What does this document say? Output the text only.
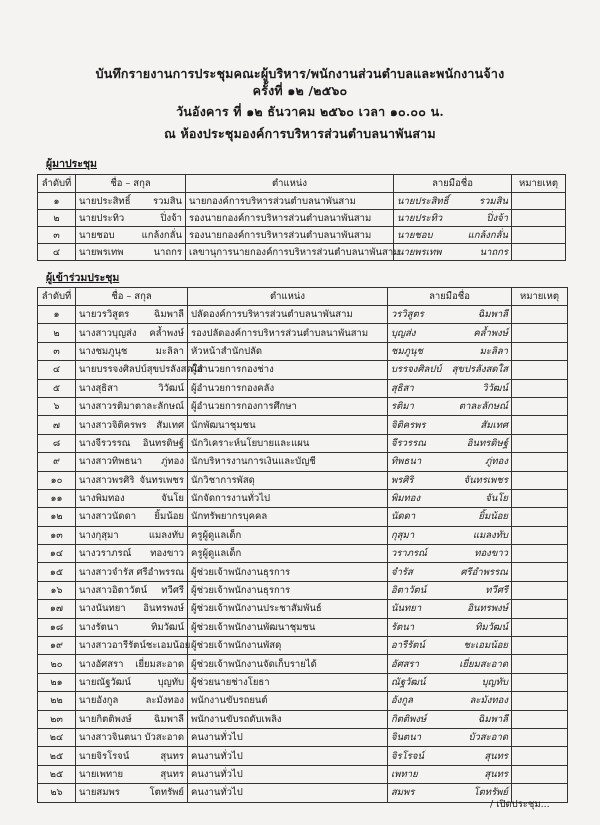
บันทึกรายงานการประชุมคณะผู้บริหาร/พนักงานส่วนตำบลและพนักงานจ้าง
ครั้งที่ ๑๒ /๒๕๖๐
วันอังคาร ที่ ๑๒ ธันวาคม ๒๕๖๐ เวลา ๑๐.๐๐ น.
ณ ห้องประชุมองค์การบริหารส่วนตำบลนาพันสาม
ผู้มาประชุม
ลำดับที่	ชื่อ – สกุล	ตำแหน่ง	ลายมือชื่อ	หมายเหตุ
๑	นายประสิทธิ์ รวมสิน	นายกองค์การบริหารส่วนตำบลนาพันสาม	นายประสิทธิ์ รวมสิน	

๒	นายประทิว ปิ่งจ้า	รองนายกองค์การบริหารส่วนตำบลนาพันสาม	นายประทิว ปิ่งจ้า	

๓	นายชอบ แกล้งกลั่น	รองนายกองค์การบริหารส่วนตำบลนาพันสาม	นายชอบ แกล้งกลั่น	

๔	นายพรเทพ นาถกร	เลขานุการนายกองค์การบริหารส่วนตำบลนาพันสาม	นายพรเทพ นาถกร	

ผู้เข้าร่วมประชุม
ลำดับที่	ชื่อ – สกุล	ตำแหน่ง	ลายมือชื่อ	หมายเหตุ
๑	นายวรวิสูตร ฉิมพาลี	ปลัดองค์การบริหารส่วนตำบลนาพันสาม	วรวิสูตร ฉิมพาลี	

๒	นางสาวบุญส่ง คล้ำพงษ์	รองปลัดองค์การบริหารส่วนตำบลนาพันสาม	บุญส่ง คล้ำพงษ์	

๓	นางชมภูนุช มะลิลา	หัวหน้าสำนักปลัด	ชมภูนุช มะลิลา	

๔	นายบรรจงศิลปบ์ สุขปรลังสดใส	ผู้อำนวยการกองช่าง	บรรจงศิลปบ์ สุขปรลังสดใส	

๕	นางสุธิสา วิวัฒน์	ผู้อำนวยการกองคลัง	สุธิสา วิวัฒน์	

๖	นางสาวรติมา ตาละลักษณ์	ผู้อำนวยการกองการศึกษา	รติมา ตาละลักษณ์	

๗	นางสาวจิติครพร สัมเทศ	นักพัฒนาชุมชน	จิติครพร สัมเทศ	

๘	นางจีรวรรณ อินทรดิษฐ์	นักวิเคราะห์นโยบายและแผน	จีรวรรณ อินทรดิษฐ์	

๙	นางสาวทิพธนา ภู่ทอง	นักบริหารงานการเงินและบัญชี	ทิพธนา ภู่ทอง	

๑๐	นางสาวพรศิริ จันทรเพชร	นักวิชาการพัสดุ	พรศิริ จันทรเพชร	

๑๑	นางพิมทอง จันโย	นักจัดการงานทั่วไป	พิมทอง จันโย	

๑๒	นางสาวนัดดา ยิ้มน้อย	นักทรัพยากรบุคคล	นัดดา ยิ้มน้อย	

๑๓	นางกุสุมา แมลงทับ	ครูผู้ดูแลเด็ก	กุสุมา แมลงทับ	

๑๔	นางวราภรณ์ ทองขาว	ครูผู้ดูแลเด็ก	วราภรณ์ ทองขาว	

๑๕	นางสาวจำรัส ศรีอำพรรณ	ผู้ช่วยเจ้าพนักงานธุรการ	จำรัส ศรีอำพรรณ	

๑๖	นางสาวอิตาวัตน์ ทวีศรี	ผู้ช่วยเจ้าพนักงานธุรการ	อิตาวัตน์ ทวีศรี	

๑๗	นางนันทยา อินทรพงษ์	ผู้ช่วยเจ้าพนักงานประชาสัมพันธ์	นันทยา อินทรพงษ์	

๑๘	นางรัตนา ทิมวัฒน์	ผู้ช่วยเจ้าพนักงานพัฒนาชุมชน	รัตนา ทิมวัฒน์	

๑๙	นางสาวอารีรัตน์ ชะเอมน้อย	ผู้ช่วยเจ้าพนักงานพัสดุ	อารีรัตน์ ชะเอมน้อย	

๒๐	นางอัศสรา เยี่ยมสะอาด	ผู้ช่วยเจ้าพนักงานจัดเก็บรายได้	อัศสรา เยี่ยมสะอาด	

๒๑	นายณัฐวัฒน์ บุญทับ	ผู้ช่วยนายช่างโยธา	ณัฐวัฒน์ บุญทับ	

๒๒	นายอังกูล ละมังทอง	พนักงานขับรถยนต์	อังกูล ละมังทอง	

๒๓	นายกิตติพงษ์ ฉิมพาลี	พนักงานขับรถดับเพลิง	กิตติพงษ์ ฉิมพาลี	

๒๔	นางสาวจินตนา บัวสะอาด	คนงานทั่วไป	จินตนา บัวสะอาด	

๒๕	นายจิรโรจน์ สุนทร	คนงานทั่วไป	จิรโรจน์ สุนทร	

๒๕	นายเพทาย สุนทร	คนงานทั่วไป	เพทาย สุนทร	

๒๖	นายสมพร โตทรัพย์	คนงานทั่วไป	สมพร โตทรัพย์	

/ เปิดประชุม...
